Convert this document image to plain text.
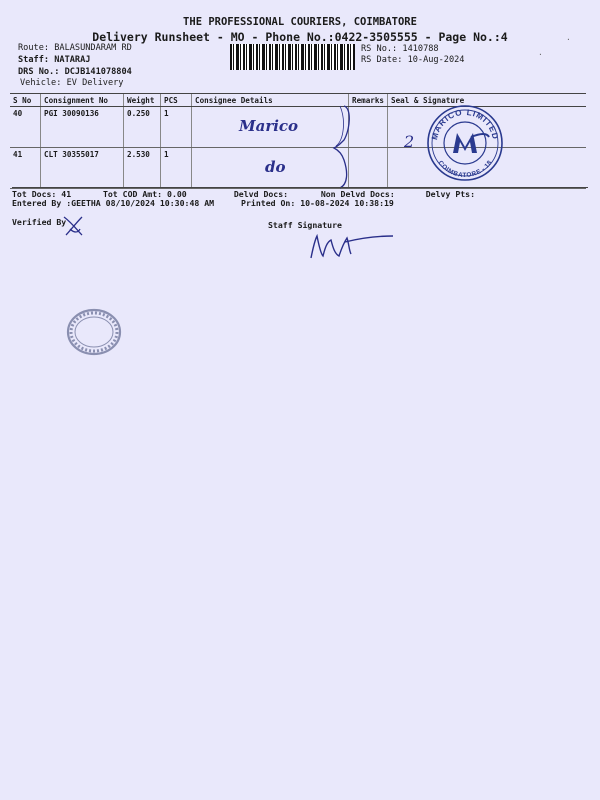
THE PROFESSIONAL COURIERS, COIMBATORE
Delivery Runsheet - MO - Phone No.:0422-3505555 - Page No.:4
Route: BALASUNDARAM RD
Staff: NATARAJ
DRS No.: DCJB141078804
Vehicle: EV Delivery
RS No.: 1410788
RS Date: 10-Aug-2024
S No	Consignment No	Weight	PCS	Consignee Details	Remarks	Seal & Signature
40	PGI 30090136	0.250	1	Marico		
41	CLT 30355017	2.530	1	do		
2 MARICO LIMITED
COIMBATORE - 18
Tot Docs: 41	Tot COD Amt: 0.00	Delvd Docs:	Non Delvd Docs:	Delvy Pts:
Entered By :GEETHA 08/10/2024 10:30:48 AM	Printed On: 10-08-2024 10:38:19
Verified By	Staff Signature
·
·
